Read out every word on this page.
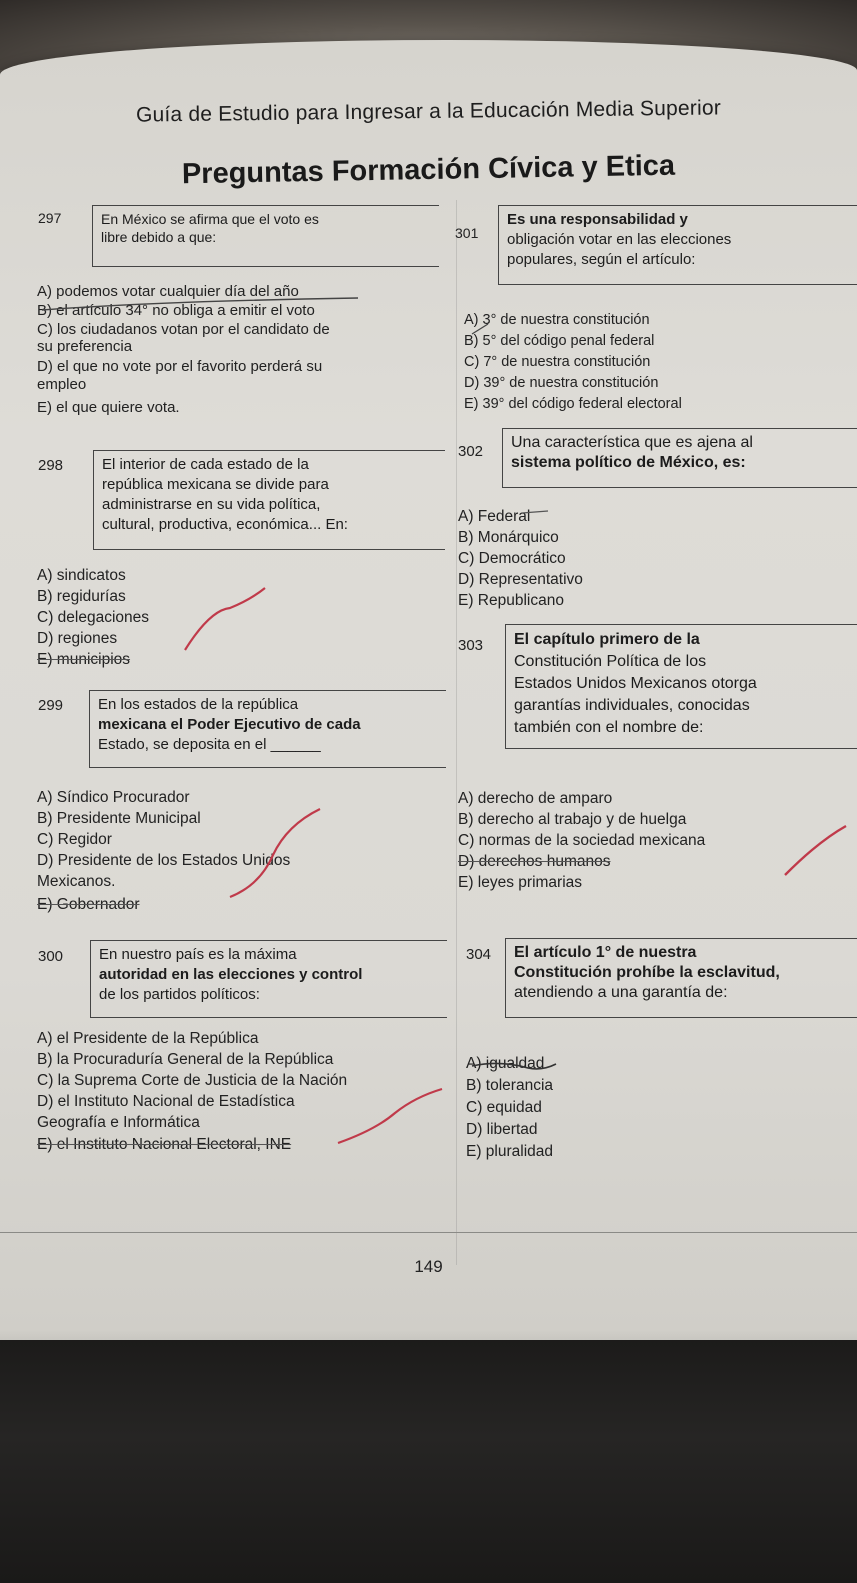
Guía de Estudio para Ingresar a la Educación Media Superior
Preguntas Formación Cívica y Etica
297	En México se afirma que el voto es
libre debido a que:
A) podemos votar cualquier día del año
B) el artículo 34° no obliga a emitir el voto
C) los ciudadanos votan por el candidato de
su preferencia
D) el que no vote por el favorito perderá su
empleo
E) el que quiere vota.
298	El interior de cada estado de la
república mexicana se divide para
administrarse en su vida política,
cultural, productiva, económica... En:
A) sindicatos
B) regidurías
C) delegaciones
D) regiones
E) municipios
299 En los estados de la república
mexicana el Poder Ejecutivo de cada
Estado, se deposita en el ______
A) Síndico Procurador
B) Presidente Municipal
C) Regidor
D) Presidente de los Estados Unidos
Mexicanos.
E) Gobernador
300 En nuestro país es la máxima
autoridad en las elecciones y control
de los partidos políticos:
A) el Presidente de la República
B) la Procuraduría General de la República
C) la Suprema Corte de Justicia de la Nación
D) el Instituto Nacional de Estadística
Geografía e Informática
E) el Instituto Nacional Electoral, INE
301
Es una responsabilidad y
obligación votar en las elecciones
populares, según el artículo:
A) 3° de nuestra constitución
B) 5° del código penal federal
C) 7° de nuestra constitución
D) 39° de nuestra constitución
E) 39° del código federal electoral
302
Una característica que es ajena al
sistema político de México, es:
A) Federal
B) Monárquico
C) Democrático
D) Representativo
E) Republicano
303 El capítulo primero de la
Constitución Política de los
Estados Unidos Mexicanos otorga
garantías individuales, conocidas
también con el nombre de:
A) derecho de amparo
B) derecho al trabajo y de huelga
C) normas de la sociedad mexicana
D) derechos humanos
E) leyes primarias
304 El artículo 1° de nuestra
Constitución prohíbe la esclavitud,
atendiendo a una garantía de:
A) igualdad
B) tolerancia
C) equidad
D) libertad
E) pluralidad
149
